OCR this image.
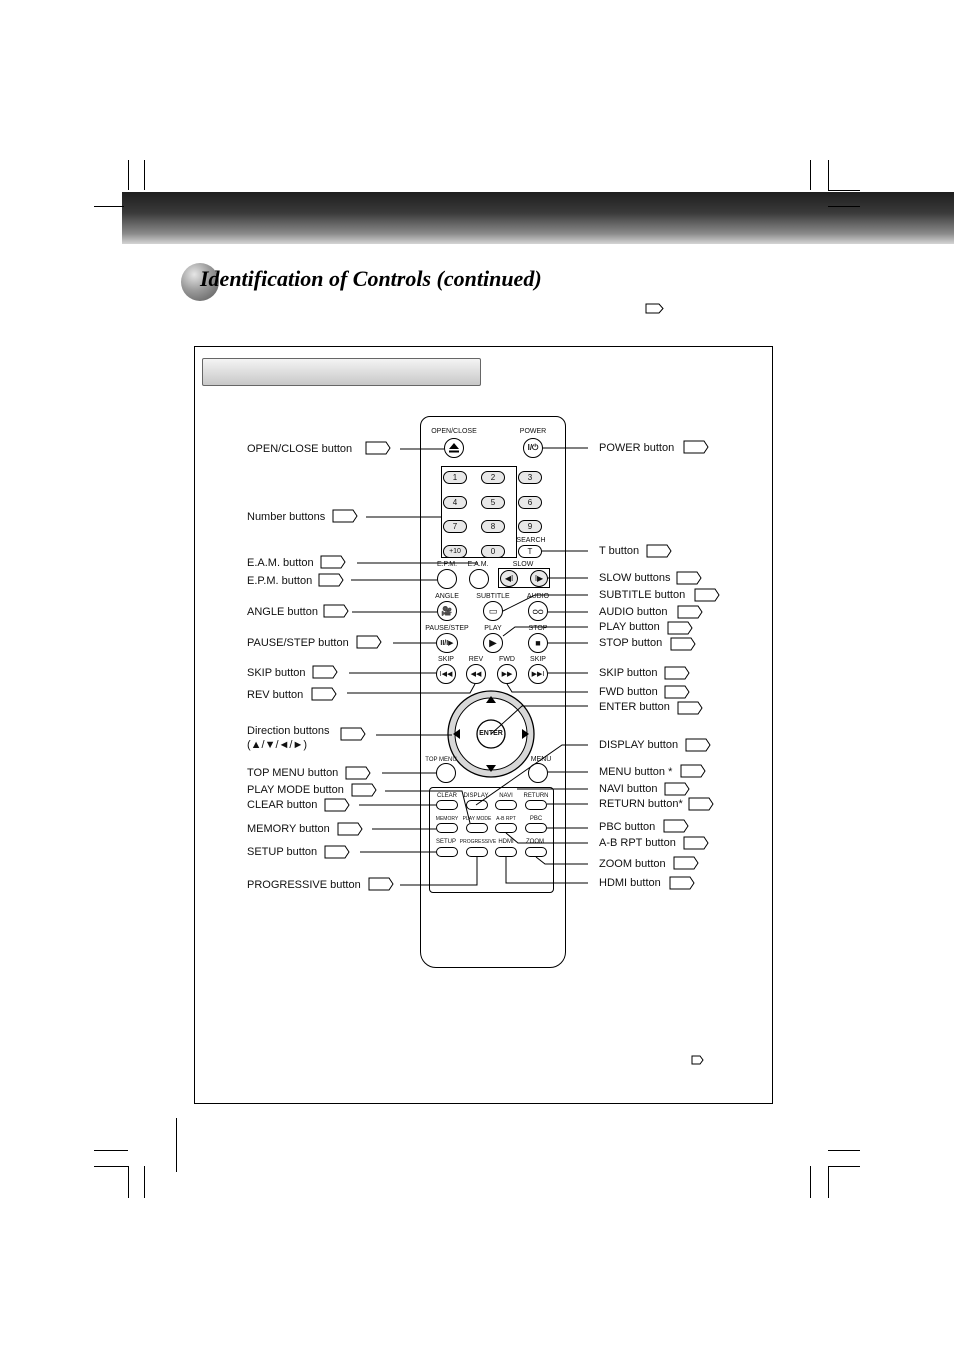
Identification of Controls (continued)
OPEN/CLOSE	POWER
I/⏻
1	2	3
4	5	6
7	8	9
+10	0
SEARCH
T
E.P.M. E.A.M.	SLOW
◀I	I▶
ANGLE SUBTITLE AUDIO
🎥	▭	ᴑᴑ
PAUSE/STEP PLAY	STOP
II/I▶	▶	■
SKIP REV FWD SKIP
I◀◀	◀◀	▶▶	▶▶I
ENTER
TOP MENU	MENU
CLEAR DISPLAY NAVI RETURN
MEMORY PLAY MODE A-B RPT PBC
SETUP PROGRESSIVE HDMI ZOOM
OPEN/CLOSE button
Number buttons
E.A.M. button
E.P.M. button
ANGLE button
PAUSE/STEP button
SKIP button
REV button
Direction buttons
(▲/▼/◄/►)
TOP MENU button
PLAY MODE button
CLEAR button
MEMORY button
SETUP button
PROGRESSIVE button
POWER button
T button
SLOW buttons
SUBTITLE button
AUDIO button
PLAY button
STOP button
SKIP button
FWD button
ENTER button
DISPLAY button
MENU button *
NAVI button
RETURN button*
PBC button
A-B RPT button
ZOOM button
HDMI button
